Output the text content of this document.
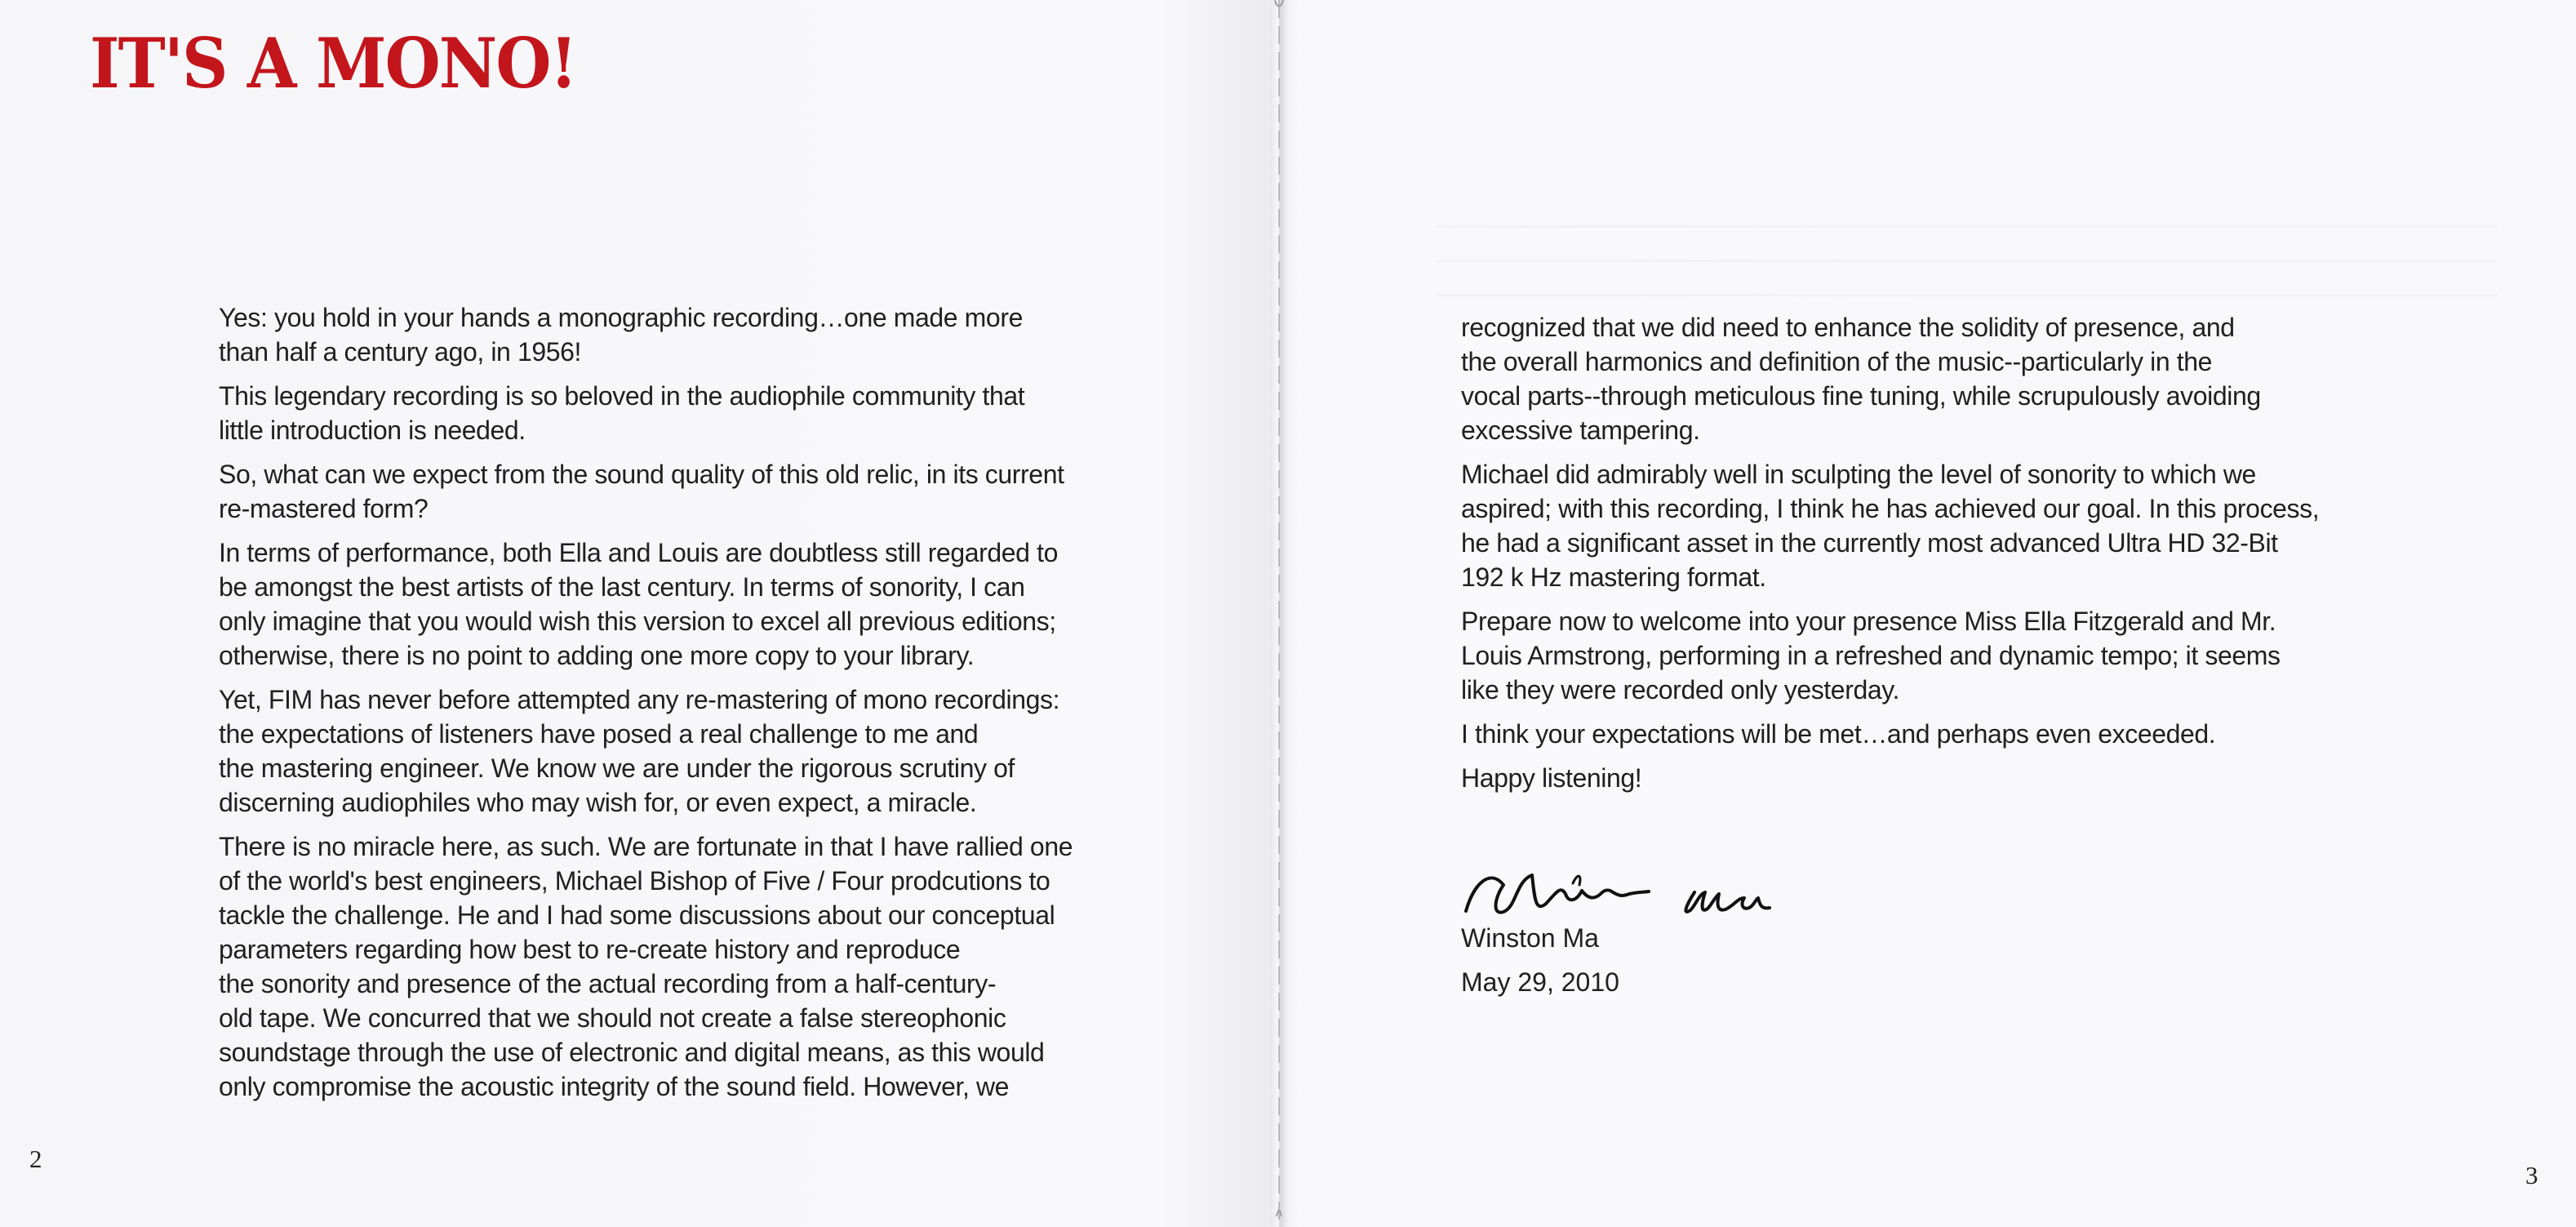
IT'S A MONO!

Yes: you hold in your hands a monographic recording…one made more
than half a century ago, in 1956!

This legendary recording is so beloved in the audiophile community that
little introduction is needed.

So, what can we expect from the sound quality of this old relic, in its current
re-mastered form?

In terms of performance, both Ella and Louis are doubtless still regarded to
be amongst the best artists of the last century. In terms of sonority, I can
only imagine that you would wish this version to excel all previous editions;
otherwise, there is no point to adding one more copy to your library.

Yet, FIM has never before attempted any re-mastering of mono recordings:
the expectations of listeners have posed a real challenge to me and
the mastering engineer. We know we are under the rigorous scrutiny of
discerning audiophiles who may wish for, or even expect, a miracle.

There is no miracle here, as such. We are fortunate in that I have rallied one
of the world's best engineers, Michael Bishop of Five / Four prodcutions to
tackle the challenge. He and I had some discussions about our conceptual
parameters regarding how best to re-create history and reproduce
the sonority and presence of the actual recording from a half-century-
old tape. We concurred that we should not create a false stereophonic
soundstage through the use of electronic and digital means, as this would
only compromise the acoustic integrity of the sound field. However, we

2

recognized that we did need to enhance the solidity of presence, and
the overall harmonics and definition of the music--particularly in the
vocal parts--through meticulous fine tuning, while scrupulously avoiding
excessive tampering.

Michael did admirably well in sculpting the level of sonority to which we
aspired; with this recording, I think he has achieved our goal. In this process,
he had a significant asset in the currently most advanced Ultra HD 32-Bit
192 k Hz mastering format.

Prepare now to welcome into your presence Miss Ella Fitzgerald and Mr.
Louis Armstrong, performing in a refreshed and dynamic tempo; it seems
like they were recorded only yesterday.

I think your expectations will be met…and perhaps even exceeded.

Happy listening!

Winston Ma
May 29, 2010
3
